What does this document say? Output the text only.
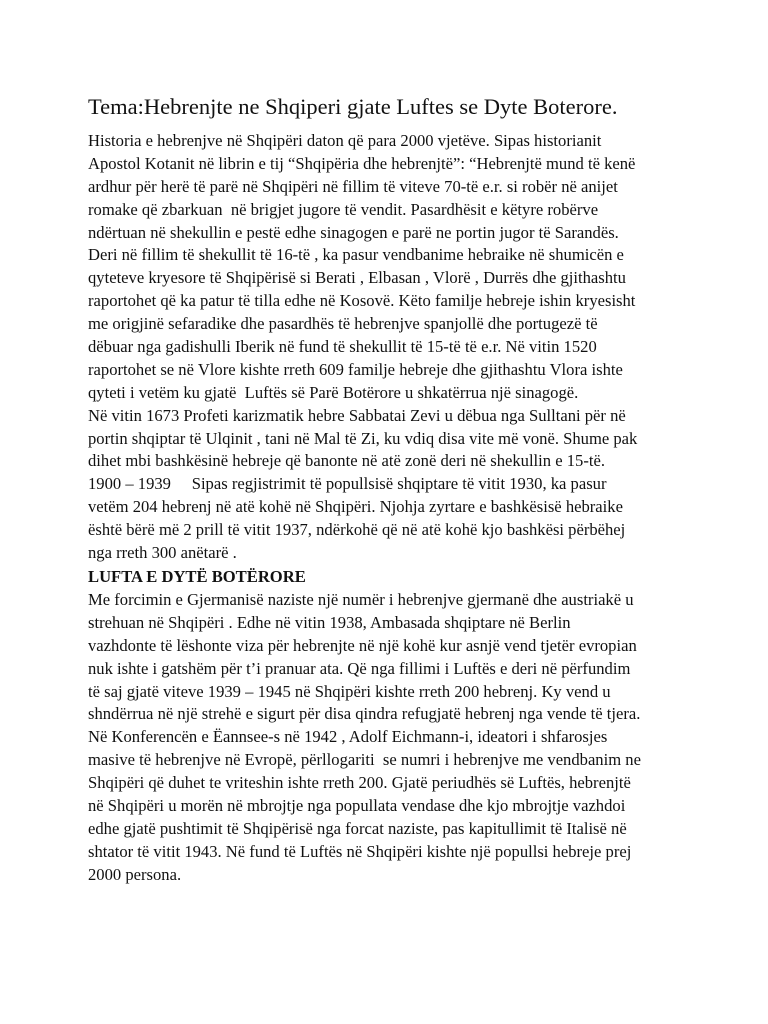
Tema:Hebrenjte ne Shqiperi gjate Luftes se Dyte Boterore.
Historia e hebrenjve në Shqipëri daton që para 2000 vjetëve. Sipas historianit
Apostol Kotanit në librin e tij “Shqipëria dhe hebrenjtë”: “Hebrenjtë mund të kenë
ardhur për herë të parë në Shqipëri në fillim të viteve 70-të e.r. si robër në anijet
romake që zbarkuan  në brigjet jugore të vendit. Pasardhësit e këtyre robërve
ndërtuan në shekullin e pestë edhe sinagogen e parë ne portin jugor të Sarandës.
Deri në fillim të shekullit të 16-të , ka pasur vendbanime hebraike në shumicën e
qyteteve kryesore të Shqipërisë si Berati , Elbasan , Vlorë , Durrës dhe gjithashtu
raportohet që ka patur të tilla edhe në Kosovë. Këto familje hebreje ishin kryesisht
me origjinë sefaradike dhe pasardhës të hebrenjve spanjollë dhe portugezë të
dëbuar nga gadishulli Iberik në fund të shekullit të 15-të të e.r. Në vitin 1520
raportohet se në Vlore kishte rreth 609 familje hebreje dhe gjithashtu Vlora ishte
qyteti i vetëm ku gjatë  Luftës së Parë Botërore u shkatërrua një sinagogë.
Në vitin 1673 Profeti karizmatik hebre Sabbatai Zevi u dëbua nga Sulltani për në
portin shqiptar të Ulqinit , tani në Mal të Zi, ku vdiq disa vite më vonë. Shume pak
dihet mbi bashkësinë hebreje që banonte në atë zonë deri në shekullin e 15-të.
1900 – 1939     Sipas regjistrimit të popullsisë shqiptare të vitit 1930, ka pasur
vetëm 204 hebrenj në atë kohë në Shqipëri. Njohja zyrtare e bashkësisë hebraike
është bërë më 2 prill të vitit 1937, ndërkohë që në atë kohë kjo bashkësi përbëhej
nga rreth 300 anëtarë .
LUFTA E DYTË BOTËRORE
Me forcimin e Gjermanisë naziste një numër i hebrenjve gjermanë dhe austriakë u
strehuan në Shqipëri . Edhe në vitin 1938, Ambasada shqiptare në Berlin
vazhdonte të lëshonte viza për hebrenjte në një kohë kur asnjë vend tjetër evropian
nuk ishte i gatshëm për t’i pranuar ata. Që nga fillimi i Luftës e deri në përfundim
të saj gjatë viteve 1939 – 1945 në Shqipëri kishte rreth 200 hebrenj. Ky vend u
shndërrua në një strehë e sigurt për disa qindra refugjatë hebrenj nga vende të tjera.
Në Konferencën e Ëannsee-s në 1942 , Adolf Eichmann-i, ideatori i shfarosjes
masive të hebrenjve në Evropë, përllogariti  se numri i hebrenjve me vendbanim ne
Shqipëri që duhet te vriteshin ishte rreth 200. Gjatë periudhës së Luftës, hebrenjtë
në Shqipëri u morën në mbrojtje nga popullata vendase dhe kjo mbrojtje vazhdoi
edhe gjatë pushtimit të Shqipërisë nga forcat naziste, pas kapitullimit të Italisë në
shtator të vitit 1943. Në fund të Luftës në Shqipëri kishte një popullsi hebreje prej
2000 persona.
